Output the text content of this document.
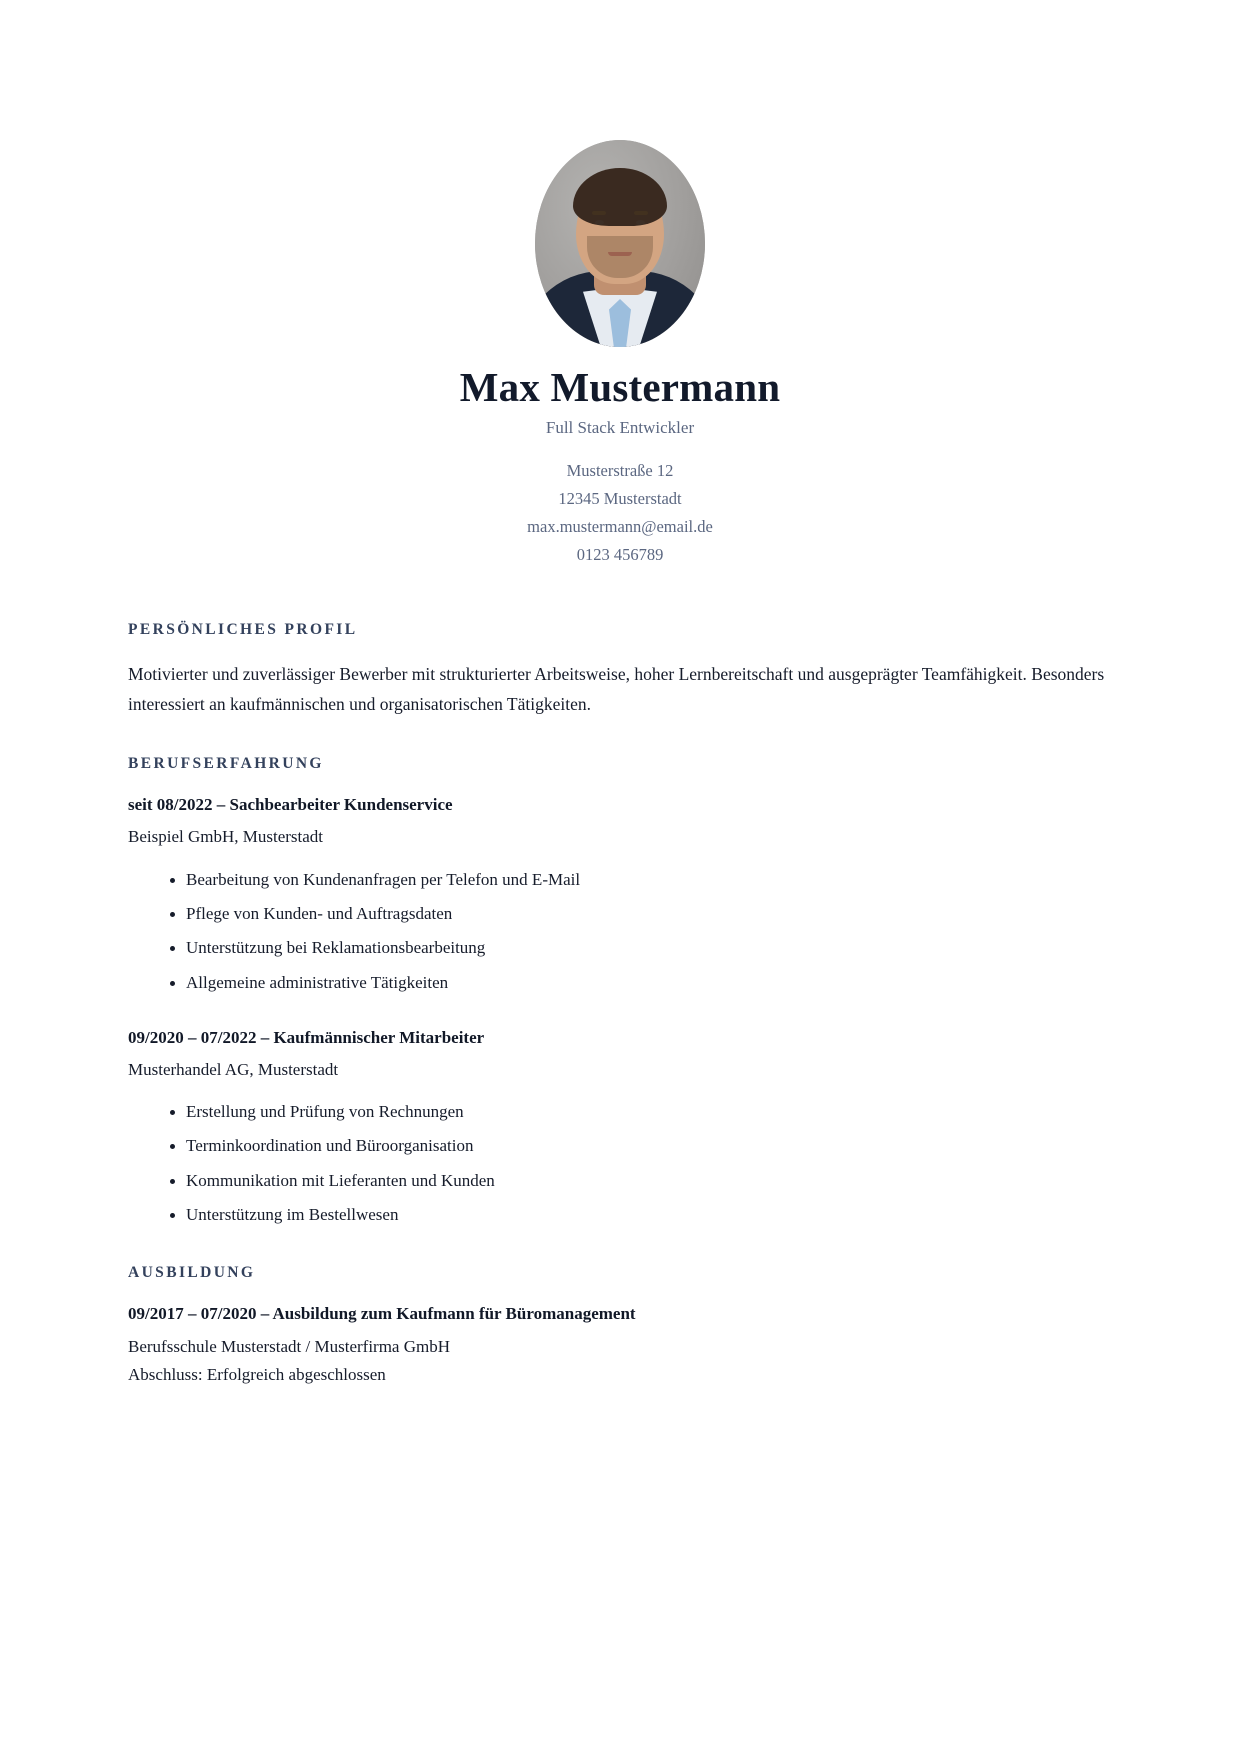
Max Mustermann
Full Stack Entwickler
Musterstraße 12
12345 Musterstadt
max.mustermann@email.de
0123 456789
PERSÖNLICHES PROFIL

Motivierter und zuverlässiger Bewerber mit strukturierter Arbeitsweise, hoher Lernbereitschaft und ausgeprägter Teamfähigkeit. Besonders interessiert an kaufmännischen und organisatorischen Tätigkeiten.

BERUFSERFAHRUNG
seit 08/2022 – Sachbearbeiter Kundenservice

Beispiel GmbH, Musterstadt

Bearbeitung von Kundenanfragen per Telefon und E-Mail
Pflege von Kunden- und Auftragsdaten
Unterstützung bei Reklamationsbearbeitung
Allgemeine administrative Tätigkeiten
09/2020 – 07/2022 – Kaufmännischer Mitarbeiter

Musterhandel AG, Musterstadt

Erstellung und Prüfung von Rechnungen
Terminkoordination und Büroorganisation
Kommunikation mit Lieferanten und Kunden
Unterstützung im Bestellwesen
AUSBILDUNG
09/2017 – 07/2020 – Ausbildung zum Kaufmann für Büromanagement

Berufsschule Musterstadt / Musterfirma GmbH

Abschluss: Erfolgreich abgeschlossen
